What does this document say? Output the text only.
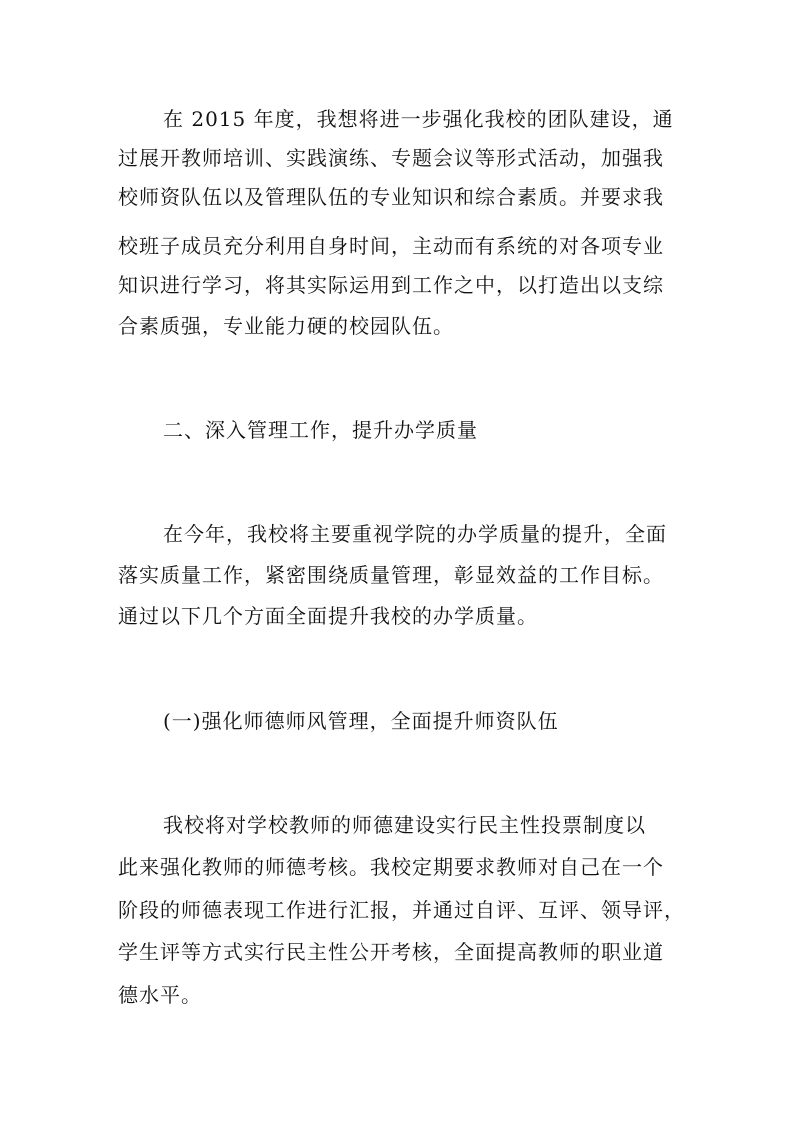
在 2015 年度，我想将进一步强化我校的团队建设，通
过展开教师培训、实践演练、专题会议等形式活动，加强我
校师资队伍以及管理队伍的专业知识和综合素质。并要求我
校班子成员充分利用自身时间，主动而有系统的对各项专业
知识进行学习，将其实际运用到工作之中，以打造出以支综
合素质强，专业能力硬的校园队伍。
二、深入管理工作，提升办学质量
在今年，我校将主要重视学院的办学质量的提升，全面
落实质量工作，紧密围绕质量管理，彰显效益的工作目标。
通过以下几个方面全面提升我校的办学质量。
(一)强化师德师风管理，全面提升师资队伍
我校将对学校教师的师德建设实行民主性投票制度以
此来强化教师的师德考核。我校定期要求教师对自己在一个
阶段的师德表现工作进行汇报，并通过自评、互评、领导评，
学生评等方式实行民主性公开考核，全面提高教师的职业道
德水平。
